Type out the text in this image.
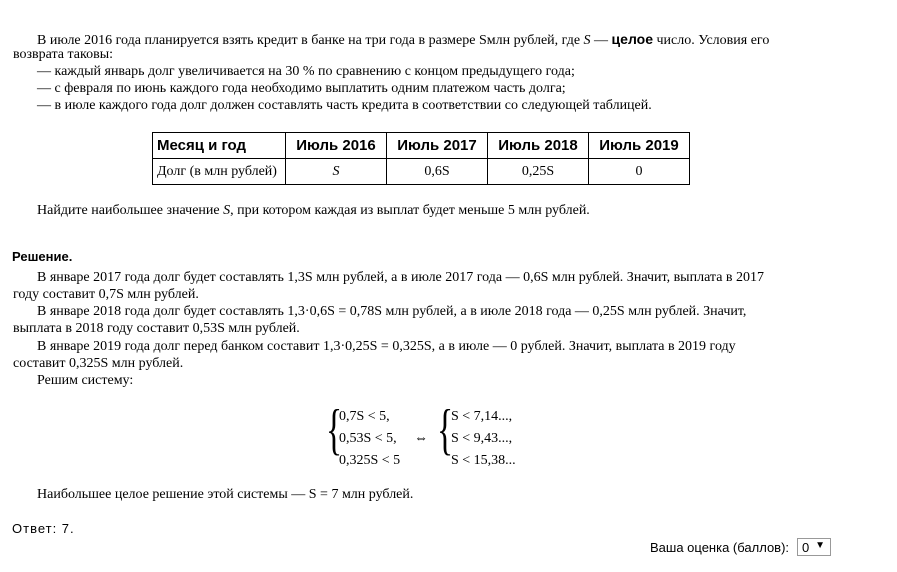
В июле 2016 года планируется взять кредит в банке на три года в размере Sмлн рублей, где S — целое число. Условия его
возврата таковы:
— каждый январь долг увеличивается на 30 % по сравнению с концом предыдущего года;
— с февраля по июнь каждого года необходимо выплатить одним платежом часть долга;
— в июле каждого года долг должен составлять часть кредита в соответствии со следующей таблицей.
Месяц и год	Июль 2016	Июль 2017	Июль 2018	Июль 2019
Долг (в млн рублей)	S	0,6S	0,25S	0
Найдите наибольшее значение S, при котором каждая из выплат будет меньше 5 млн рублей.
Решение.
В январе 2017 года долг будет составлять 1,3S млн рублей, а в июле 2017 года — 0,6S млн рублей. Значит, выплата в 2017
году составит 0,7S млн рублей.
В январе 2018 года долг будет составлять 1,3·0,6S = 0,78S млн рублей, а в июле 2018 года — 0,25S млн рублей. Значит,
выплата в 2018 году составит 0,53S млн рублей.
В январе 2019 года долг перед банком составит 1,3·0,25S = 0,325S, а в июле — 0 рублей. Значит, выплата в 2019 году
составит 0,325S млн рублей.
Решим систему:
{
0,7S < 5,
0,53S < 5,
0,325S < 5
⇔ {
S < 7,14...,
S < 9,43...,
S < 15,38...
Наибольшее целое решение этой системы — S = 7 млн рублей.
Ответ: 7.
Ваша оценка (баллов): 0 ▼
